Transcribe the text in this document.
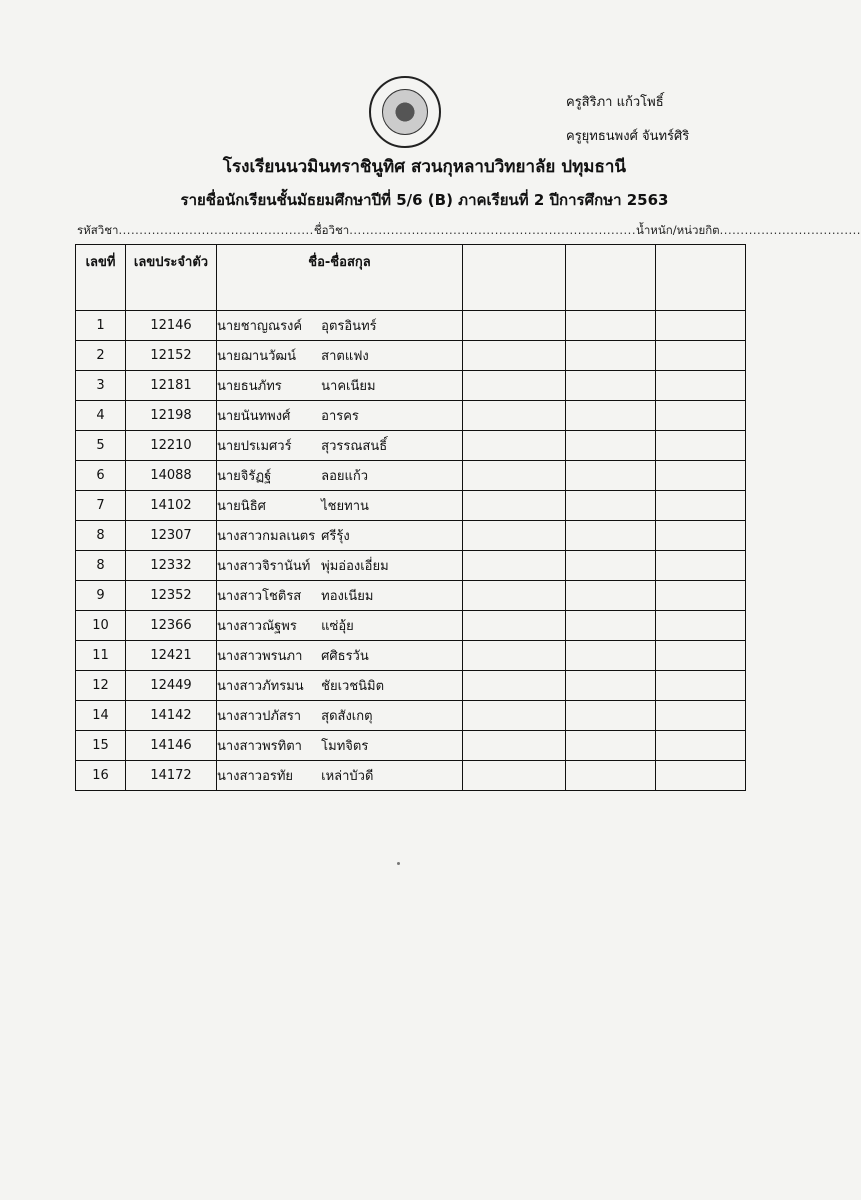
ครูสิริภา แก้วโพธิ์
ครูยุทธนพงศ์ จันทร์ศิริ
โรงเรียนนวมินทราชินูทิศ สวนกุหลาบวิทยาลัย ปทุมธานี
รายชื่อนักเรียนชั้นมัธยมศึกษาปีที่ 5/6 (B) ภาคเรียนที่ 2 ปีการศึกษา 2563
รหัสวิชา...............................................ชื่อวิชา.....................................................................น้ำหนัก/หน่วยกิต..................................
เลขที่	เลขประจำตัว	ชื่อ-ชื่อสกุล			
1	12146	นายชาญณรงค์ อุตรอินทร์			
2	12152	นายฌานวัฒน์ สาตแฟง			
3	12181	นายธนภัทร นาคเนียม			
4	12198	นายนันทพงศ์ อารคร			
5	12210	นายปรเมศวร์ สุวรรณสนธิ์			
6	14088	นายจิรัฏฐ์ ลอยแก้ว			
7	14102	นายนิธิศ ไชยทาน			
8	12307	นางสาวกมลเนตร ศรีรุ้ง			
8	12332	นางสาวจิรานันท์ พุ่มอ่องเอี่ยม			
9	12352	นางสาวโชติรส ทองเนียม			
10	12366	นางสาวณัฐพร แซ่อุ้ย			
11	12421	นางสาวพรนภา ศศิธรวัน			
12	12449	นางสาวภัทรมน ชัยเวชนิมิต			
14	14142	นางสาวปภัสรา สุดสังเกตุ			
15	14146	นางสาวพรทิตา โมทจิตร			
16	14172	นางสาวอรทัย เหล่าบัวดี			
